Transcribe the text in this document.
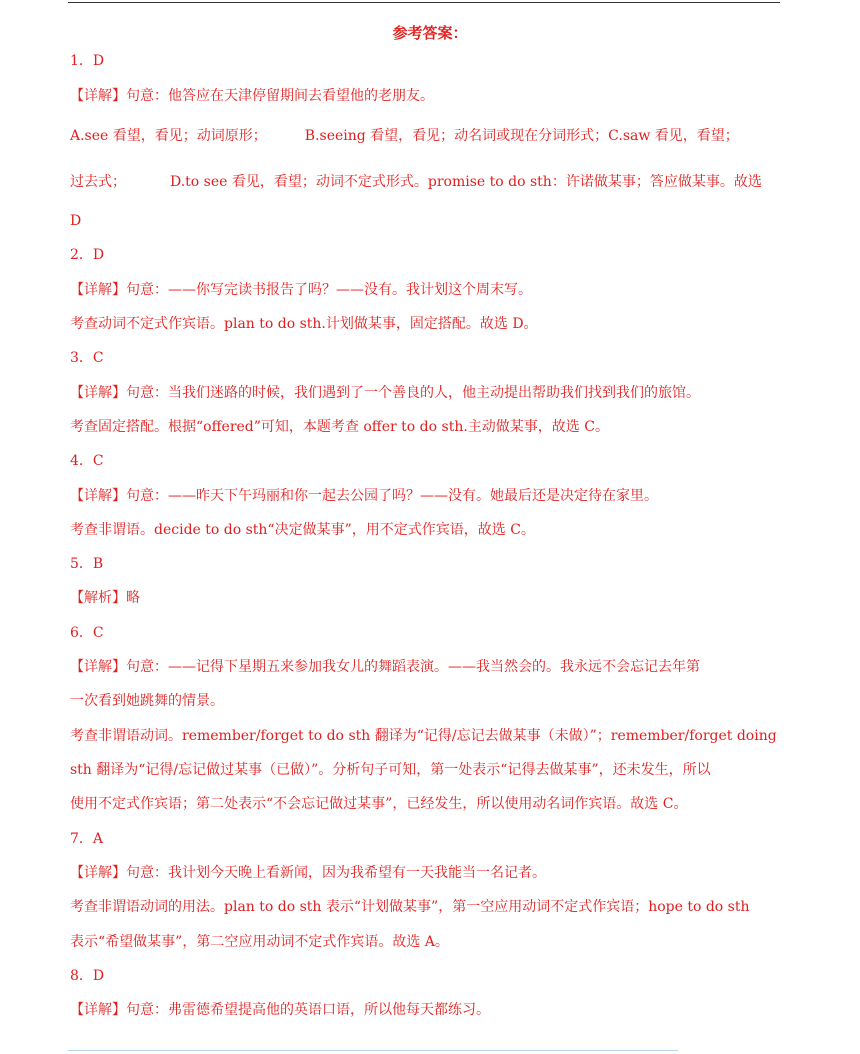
参考答案：
1．D
【详解】句意：他答应在天津停留期间去看望他的老朋友。
A.see 看望，看见；动词原形；	B.seeing 看望，看见；动名词或现在分词形式；C.saw 看见，看望；
过去式；	D.to see 看见，看望；动词不定式形式。promise to do sth：许诺做某事；答应做某事。故选
D
2．D
【详解】句意：——你写完读书报告了吗？——没有。我计划这个周末写。
考查动词不定式作宾语。plan to do sth.计划做某事，固定搭配。故选 D。
3．C
【详解】句意：当我们迷路的时候，我们遇到了一个善良的人，他主动提出帮助我们找到我们的旅馆。
考查固定搭配。根据“offered”可知，本题考查 offer to do sth.主动做某事，故选 C。
4．C
【详解】句意：——昨天下午玛丽和你一起去公园了吗？——没有。她最后还是决定待在家里。
考查非谓语。decide to do sth“决定做某事”，用不定式作宾语，故选 C。
5．B
【解析】略
6．C
【详解】句意：——记得下星期五来参加我女儿的舞蹈表演。——我当然会的。我永远不会忘记去年第
一次看到她跳舞的情景。
考查非谓语动词。remember/forget to do sth 翻译为“记得/忘记去做某事（未做）”；remember/forget doing
sth 翻译为“记得/忘记做过某事（已做）”。分析句子可知，第一处表示“记得去做某事”，还未发生，所以
使用不定式作宾语；第二处表示“不会忘记做过某事”，已经发生，所以使用动名词作宾语。故选 C。
7．A
【详解】句意：我计划今天晚上看新闻，因为我希望有一天我能当一名记者。
考查非谓语动词的用法。plan to do sth 表示“计划做某事”，第一空应用动词不定式作宾语；hope to do sth
表示“希望做某事”，第二空应用动词不定式作宾语。故选 A。
8．D
【详解】句意：弗雷德希望提高他的英语口语，所以他每天都练习。
